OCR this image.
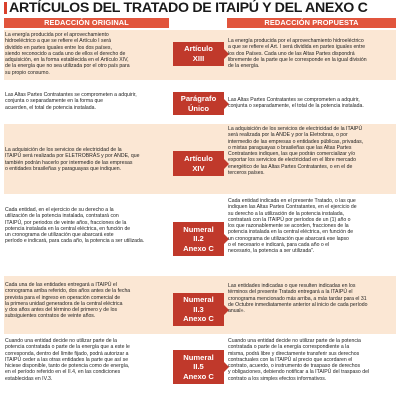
ARTÍCULOS DEL TRATADO DE ITAIPÚ Y DEL ANEXO C
REDACCIÓN ORIGINAL	REDACCIÓN PROPUESTA
La energía producida por el aprovechamiento
hidroeléctrico a que se refiere el Artículo I será
dividido en partes iguales entre los dos países,
siendo reconocido a cada uno de ellos el derecho de
adquisición, en la forma establecida en el Artículo XIV,
de la energía que no sea utilizada por el otro país para
su propio consumo.
Artículo
XIII
La energía producida por el aprovechamiento hidroeléctrico
a que se refiere el Art. I será dividida en partes iguales entre
los dos Países. Cada uno de las Altas Partes dispondrá
libremente de la parte que le corresponde en la igual división
de la energía.
Las Altas Partes Contratantes se comprometen a adquirir,
conjunta o separadamente en la forma que
acuerden, el total de potencia instalada.
Parágrafo
Único
Las Altas Partes Contratantes se comprometen a adquirir,
conjunta o separadamente, el total de la potencia instalada.
La adquisición de los servicios de electricidad de la
ITAIPÚ será realizada por ELETROBRÁS y por ANDE, que
también podrán hacerlo por intermedio de las empresas
o entidades brasileñas y paraguayas que indiquen.
Artículo
XIV
La adquisición de los servicios de electricidad de la ITAIPÚ
será realizada por la ANDE y por la Eletrobras, o por
intermedio de las empresas o entidades públicas, privadas,
o mixtas paraguayas o brasileñas que las Altas Partes
Contratantes indiquen, las que podrán comercializar y/o
exportar los servicios de electricidad en el libre mercado
energético de las Altas Partes Contratantes, o en el de
terceros países.
Cada entidad, en el ejercicio de su derecho a la
utilización de la potencia instalada, contratará con
ITAIPÚ, por periodos de veinte años, fracciones de la
potencia instalada en la central eléctrica, en función de
un cronograma de utilización que abarcará este
período e indicará, para cada año, la potencia a ser utilizada.
Numeral
II.2
Anexo C
Cada entidad indicada en el presente Tratado, o las que
indiquen las Altas Partes Contratantes, en el ejercicio de
su derecho a la utilización de la potencia instalada,
contratará con la ITAIPÚ por períodos de un (1) año o
los que razonablemente se acorden, fracciones de la
potencia instalada en la central eléctrica, en función de
un cronograma de utilización que abarcará ese lapso
o el necesario e indicará, para cada año o el
necesario, la potencia a ser utilizada".
Cada una de las entidades entregará a ITAIPÚ el
cronograma arriba referido, dos años antes de la fecha
prevista para el ingreso en operación comercial de
la primera unidad generadora de la central eléctrica
y dos años antes del término del primero y de los
subsiguientes contratos de veinte años.
Numeral
II.3
Anexo C
Las entidades indicadas o que resulten indicadas en los
términos del presente Tratado entregará a la ITAIPÚ el
cronograma mencionado más arriba, a más tardar para el 31
de Octubre inmediatamente anterior al inicio de cada período
anual».
Cuando una entidad decide no utilizar parte de la
potencia contratada o parte de la energía que a este le
corresponda, dentro del límite fijado, podrá autorizar a
ITAIPÚ ceder a las otras entidades la parte que así se
hiciese disponible, tanto de potencia como de energía,
en el período referido en el II.4, en las condiciones
establecidas en IV.3.
Numeral
II.5
Anexo C
Cuando una entidad decide no utilizar parte de la potencia
contratada o parte de la energía correspondiente a la
misma, podrá libre y directamente transferir sus derechos
contractuales con la ITAIPÚ al precio que acordaren el
contrato, acuerdo, o instrumento de traspaso de derechos
y obligaciones, debiendo notificar a la ITAIPÚ del traspaso del
contrato a los simples efectos informativos.
